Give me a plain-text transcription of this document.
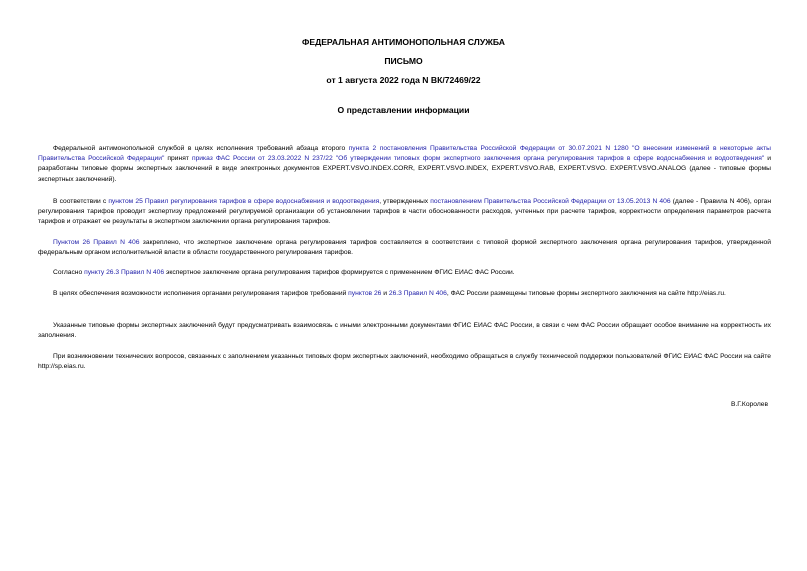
ФЕДЕРАЛЬНАЯ АНТИМОНОПОЛЬНАЯ СЛУЖБА
ПИСЬМО
от 1 августа 2022 года N ВК/72469/22
О представлении информации

Федеральной антимонопольной службой в целях исполнения требований абзаца второго пункта 2 постановления Правительства Российской Федерации от 30.07.2021 N 1280 "О внесении изменений в некоторые акты Правительства Российской Федерации" принят приказ ФАС России от 23.03.2022 N 237/22 "Об утверждении типовых форм экспертного заключения органа регулирования тарифов в сфере водоснабжения и водоотведения" и разработаны типовые формы экспертных заключений в виде электронных документов EXPERT.VSVO.INDEX.CORR, EXPERT.VSVO.INDEX, EXPERT.VSVO.RAB, EXPERT.VSVO. EXPERT.VSVO.ANALOG (далее - типовые формы экспертных заключений).

В соответствии с пунктом 25 Правил регулирования тарифов в сфере водоснабжения и водоотведения, утвержденных постановлением Правительства Российской Федерации от 13.05.2013 N 406 (далее - Правила N 406), орган регулирования тарифов проводит экспертизу предложений регулируемой организации об установлении тарифов в части обоснованности расходов, учтенных при расчете тарифов, корректности определения параметров расчета тарифов и отражает ее результаты в экспертном заключении органа регулирования тарифов.

Пунктом 26 Правил N 406 закреплено, что экспертное заключение органа регулирования тарифов составляется в соответствии с типовой формой экспертного заключения органа регулирования тарифов, утвержденной федеральным органом исполнительной власти в области государственного регулирования тарифов.

Согласно пункту 26.3 Правил N 406 экспертное заключение органа регулирования тарифов формируется с применением ФГИС ЕИАС ФАС России.

В целях обеспечения возможности исполнения органами регулирования тарифов требований пунктов 26 и 26.3 Правил N 406, ФАС России размещены типовые формы экспертного заключения на сайте http://eias.ru.

Указанные типовые формы экспертных заключений будут предусматривать взаимосвязь с иными электронными документами ФГИС ЕИАС ФАС России, в связи с чем ФАС России обращает особое внимание на корректность их заполнения.

При возникновении технических вопросов, связанных с заполнением указанных типовых форм экспертных заключений, необходимо обращаться в службу технической поддержки пользователей ФГИС ЕИАС ФАС России на сайте http://sp.eias.ru.

В.Г.Королев
